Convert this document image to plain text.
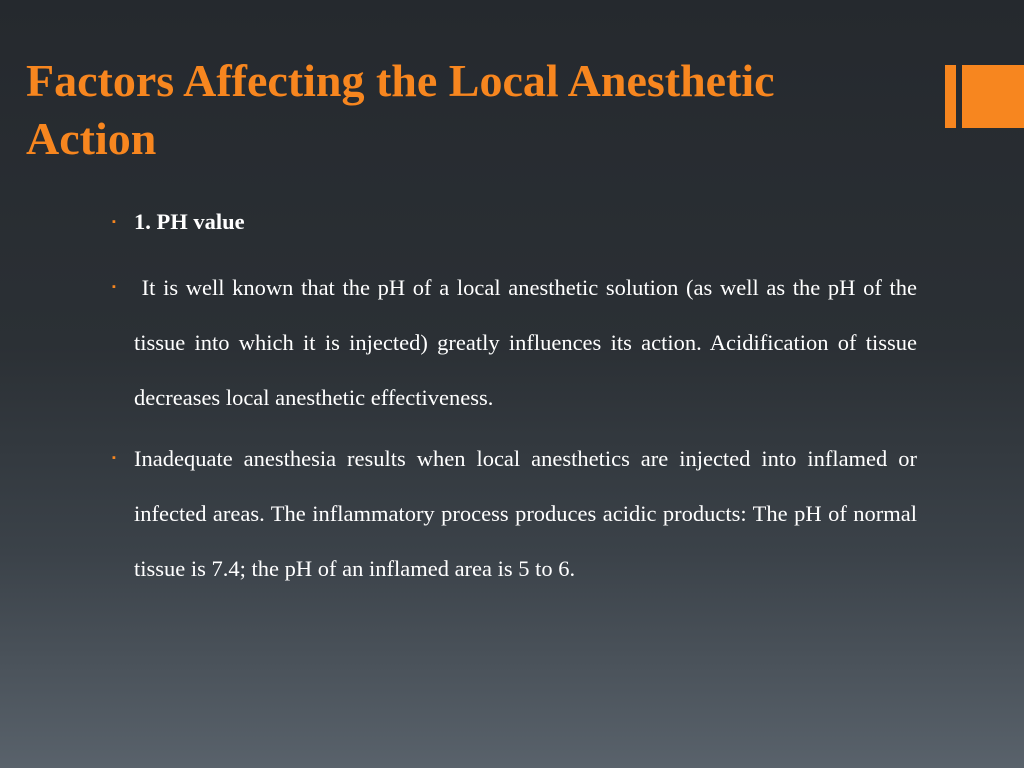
Factors Affecting the Local Anesthetic Action
▪ 1. PH value
▪ It is well known that the pH of a local anesthetic solution (as well as the pH of the tissue into which it is injected) greatly influences its action. Acidification of tissue decreases local anesthetic effectiveness.
▪ Inadequate anesthesia results when local anesthetics are injected into inflamed or infected areas. The inflammatory process produces acidic products: The pH of normal tissue is 7.4; the pH of an inflamed area is 5 to 6.
